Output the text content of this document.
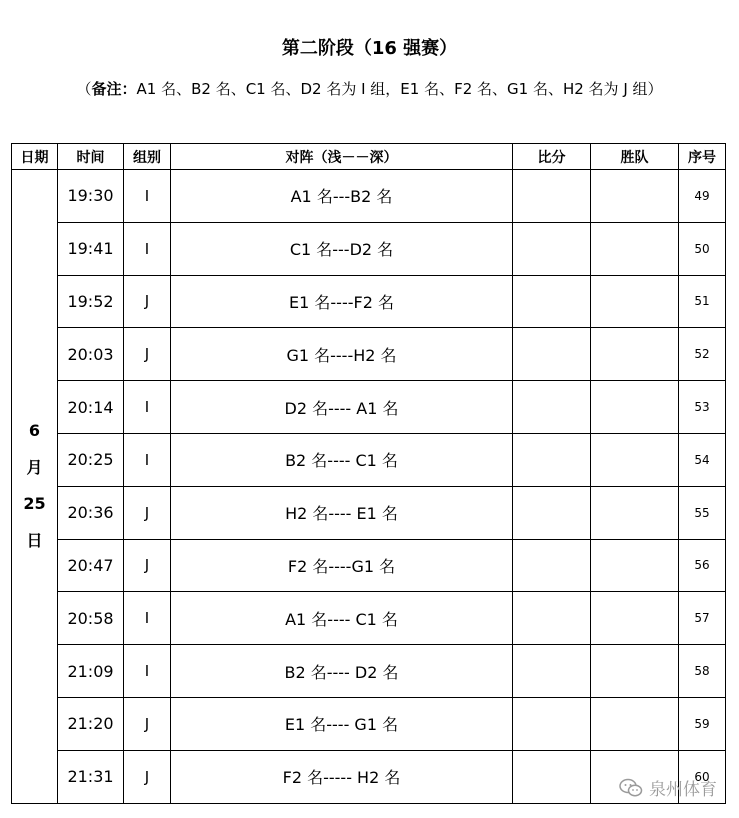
第二阶段（16 强赛）
（备注：A1 名、B2 名、C1 名、D2 名为 I 组，E1 名、F2 名、G1 名、H2 名为 J 组）
日期	时间	组别	对阵（浅－－深）	比分	胜队	序号

6
月
25
日	19:30	I	A1 名---B2 名			49
	19:41	I	C1 名---D2 名			50
	19:52	J	E1 名----F2 名			51
	20:03	J	G1 名----H2 名			52
	20:14	I	D2 名---- A1 名			53
	20:25	I	B2 名---- C1 名			54
	20:36	J	H2 名---- E1 名			55
	20:47	J	F2 名----G1 名			56
	20:58	I	A1 名---- C1 名			57
	21:09	I	B2 名---- D2 名			58
	21:20	J	E1 名---- G1 名			59
	21:31	J	F2 名----- H2 名			60
泉州体育
